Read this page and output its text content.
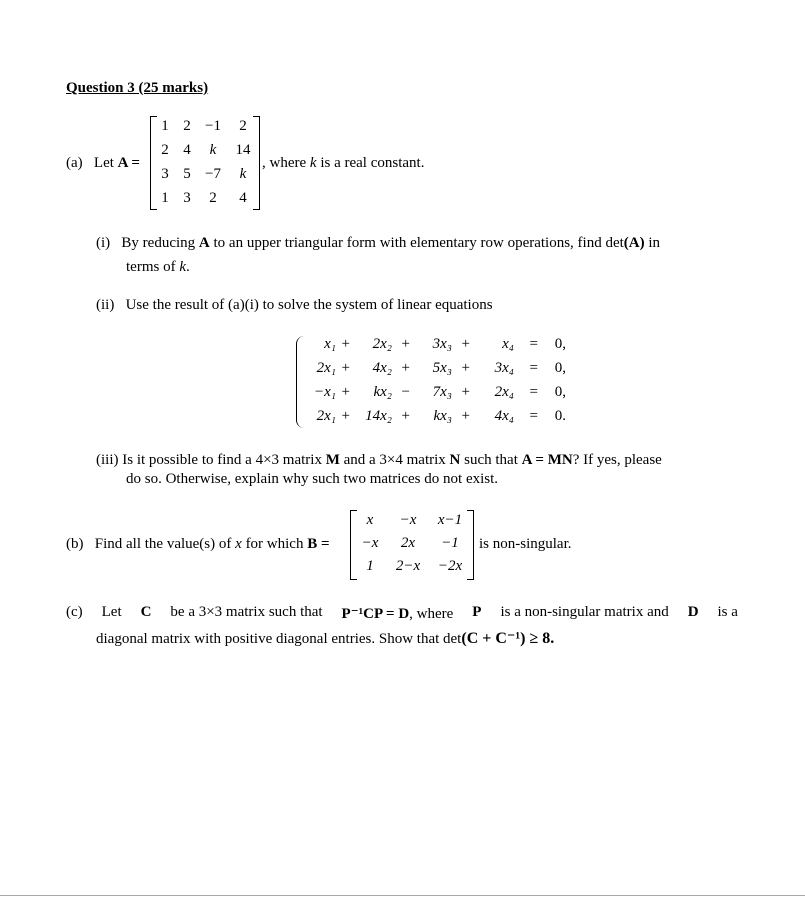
Question 3 (25 marks)
(a) Let A =
1 2 −1	2
2 4	k	14
3 5 −7	k
1 3	2	4
, where k is a real constant.
(i) By reducing A to an upper triangular form with elementary row operations, find det(A) in
terms of k.
(ii) Use the result of (a)(i) to solve the system of linear equations
x₁ +	2x₂ +	3x₃ +	x₄	=	0,
2x₁ +	4x₂ +	5x₃ +	3x₄	=	0,
−x₁ +	kx₂ −	7x₃ +	2x₄	=	0,
2x₁ +	14x₂ +	kx₃ +	4x₄	=	0.
(iii) Is it possible to find a 4×3 matrix M and a 3×4 matrix N such that A = MN? If yes, please
do so. Otherwise, explain why such two matrices do not exist.
(b) Find all the value(s) of x for which B =
x	−x	x−1
−x	2x	−1
1	2−x	−2x
is non-singular.
(c) Let C be a 3×3 matrix such that P⁻¹CP = D, where P is a non-singular matrix and D is a
diagonal matrix with positive diagonal entries. Show that det(C + C⁻¹) ≥ 8.
